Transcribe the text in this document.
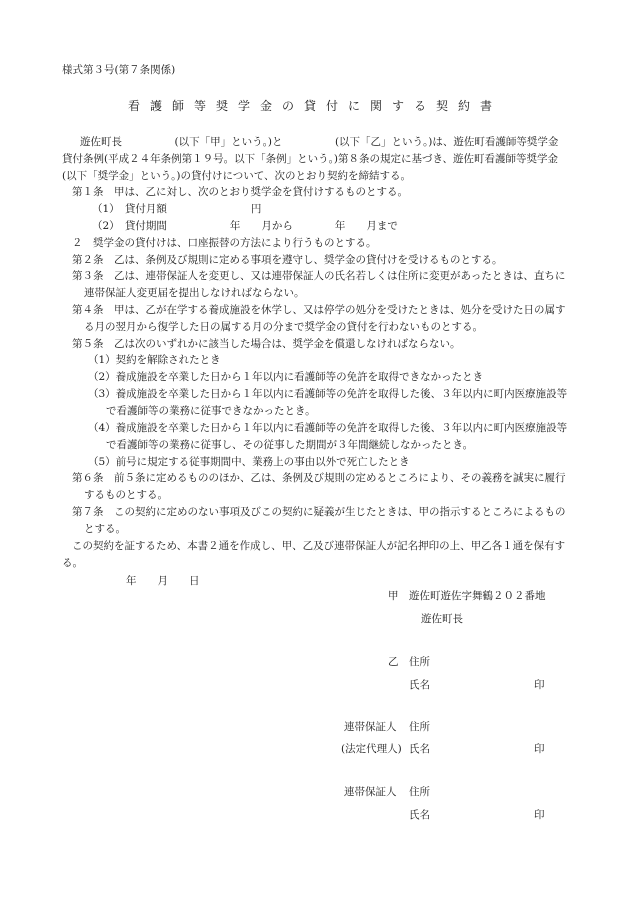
様式第３号(第７条関係)
看護師等奨学金の貸付に関する契約書
遊佐町長　　　　　(以下「甲」という。)と　　　　　(以下「乙」という。)は、遊佐町看護師等奨学金
貸付条例(平成２４年条例第１９号。以下「条例」という。)第８条の規定に基づき、遊佐町看護師等奨学金
(以下「奨学金」という。)の貸付けについて、次のとおり契約を締結する。
第１条　甲は、乙に対し、次のとおり奨学金を貸付けするものとする。
（1）　貸付月額　　　　　　　　円
（2）　貸付期間　　　　　　年　　月から　　　　年　　月まで
２　奨学金の貸付けは、口座振替の方法により行うものとする。
第２条　乙は、条例及び規則に定める事項を遵守し、奨学金の貸付けを受けるものとする。
第３条　乙は、連帯保証人を変更し、又は連帯保証人の氏名若しくは住所に変更があったときは、直ちに
連帯保証人変更届を提出しなければならない。
第４条　甲は、乙が在学する養成施設を休学し、又は停学の処分を受けたときは、処分を受けた日の属す
る月の翌月から復学した日の属する月の分まで奨学金の貸付を行わないものとする。
第５条　乙は次のいずれかに該当した場合は、奨学金を償還しなければならない。
（1）契約を解除されたとき
（2）養成施設を卒業した日から１年以内に看護師等の免許を取得できなかったとき
（3）養成施設を卒業した日から１年以内に看護師等の免許を取得した後、３年以内に町内医療施設等
で看護師等の業務に従事できなかったとき。
（4）養成施設を卒業した日から１年以内に看護師等の免許を取得した後、３年以内に町内医療施設等
で看護師等の業務に従事し、その従事した期間が３年間継続しなかったとき。
（5）前号に規定する従事期間中、業務上の事由以外で死亡したとき
第６条　前５条に定めるもののほか、乙は、条例及び規則の定めるところにより、その義務を誠実に履行
するものとする。
第７条　この契約に定めのない事項及びこの契約に疑義が生じたときは、甲の指示するところによるもの
とする。
この契約を証するため、本書２通を作成し、甲、乙及び連帯保証人が記名押印の上、甲乙各１通を保有す
る。
年　　月　　日
甲 遊佐町遊佐字舞鶴２０２番地
遊佐町長
乙 住所
氏名	印
連帯保証人 住所
(法定代理人) 氏名	印
連帯保証人 住所
氏名	印
